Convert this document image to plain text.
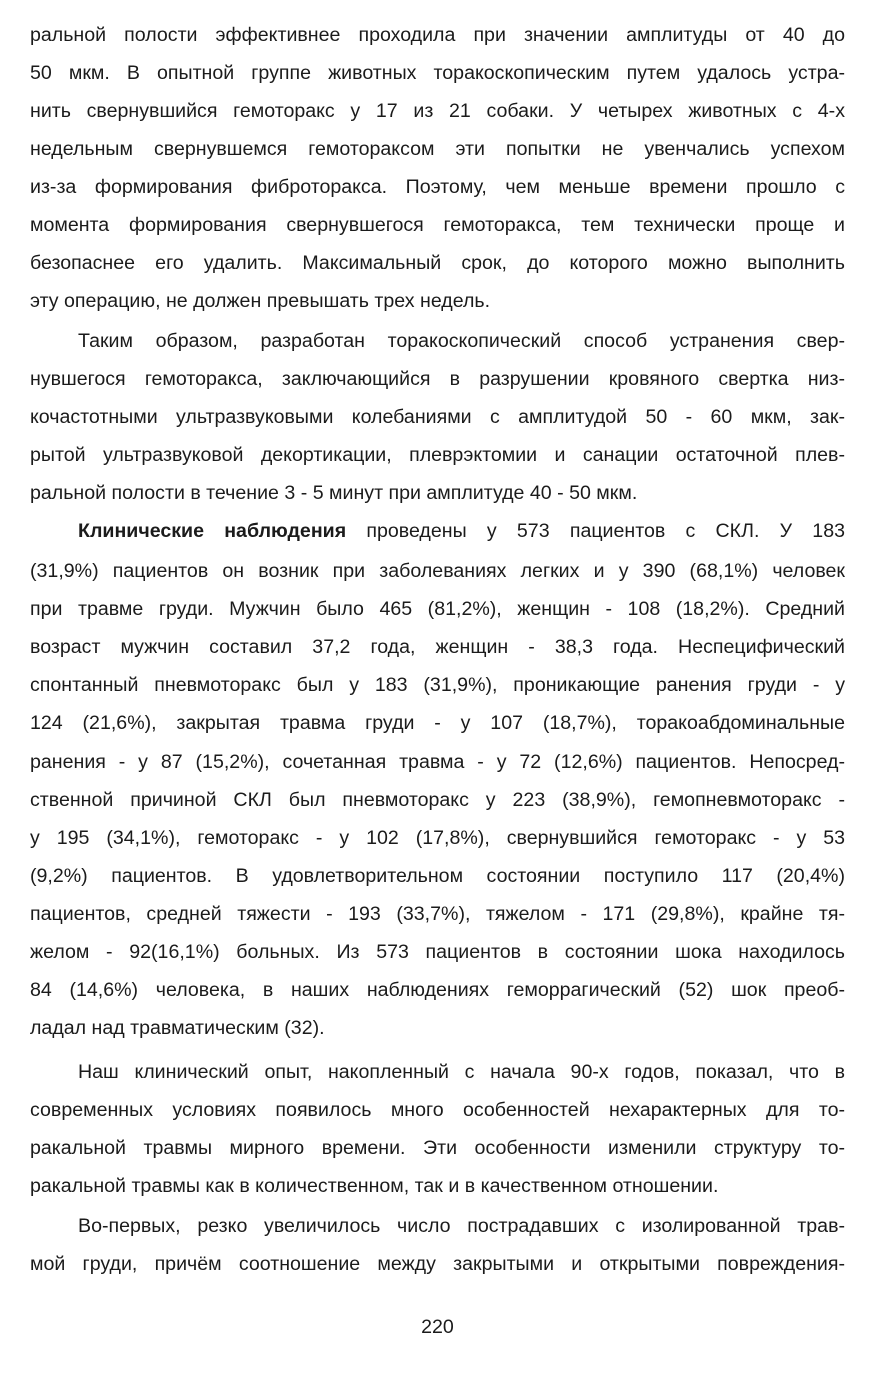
ральной полости эффективнее проходила при значении амплитуды от 40 до
50 мкм. В опытной группе животных торакоскопическим путем удалось устра-
нить свернувшийся гемоторакс у 17 из 21 собаки. У четырех животных с 4-х
недельным свернувшемся гемотораксом эти попытки не увенчались успехом
из-за формирования фиброторакса. Поэтому, чем меньше времени прошло с
момента формирования свернувшегося гемоторакса, тем технически проще и
безопаснее его удалить. Максимальный срок, до которого можно выполнить
эту операцию, не должен превышать трех недель.
Таким образом, разработан торакоскопический способ устранения свер-
нувшегося гемоторакса, заключающийся в разрушении кровяного свертка низ-
кочастотными ультразвуковыми колебаниями с амплитудой 50 - 60 мкм, зак-
рытой ультразвуковой декортикации, плеврэктомии и санации остаточной плев-
ральной полости в течение 3 - 5 минут при амплитуде 40 - 50 мкм.
Клинические наблюдения проведены у 573 пациентов с СКЛ. У 183
(31,9%) пациентов он возник при заболеваниях легких и у 390 (68,1%) человек
при травме груди. Мужчин было 465 (81,2%), женщин - 108 (18,2%). Средний
возраст мужчин составил 37,2 года, женщин - 38,3 года. Неспецифический
спонтанный пневмоторакс был у 183 (31,9%), проникающие ранения груди - у
124 (21,6%), закрытая травма груди - у 107 (18,7%), торакоабдоминальные
ранения - у 87 (15,2%), сочетанная травма - у 72 (12,6%) пациентов. Непосред-
ственной причиной СКЛ был пневмоторакс у 223 (38,9%), гемопневмоторакс -
у 195 (34,1%), гемоторакс - у 102 (17,8%), свернувшийся гемоторакс - у 53
(9,2%) пациентов. В удовлетворительном состоянии поступило 117 (20,4%)
пациентов, средней тяжести - 193 (33,7%), тяжелом - 171 (29,8%), крайне тя-
желом - 92(16,1%) больных. Из 573 пациентов в состоянии шока находилось
84 (14,6%) человека, в наших наблюдениях геморрагический (52) шок преоб-
ладал над травматическим (32).
Наш клинический опыт, накопленный с начала 90-х годов, показал, что в
современных условиях появилось много особенностей нехарактерных для то-
ракальной травмы мирного времени. Эти особенности изменили структуру то-
ракальной травмы как в количественном, так и в качественном отношении.
Во-первых, резко увеличилось число пострадавших с изолированной трав-
мой груди, причём соотношение между закрытыми и открытыми повреждения-
220
